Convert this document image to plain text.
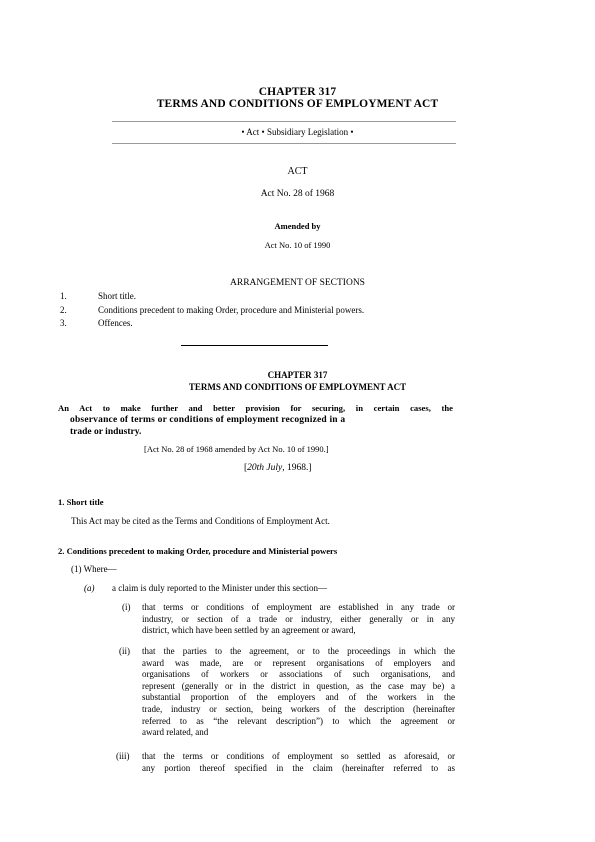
CHAPTER 317
TERMS AND CONDITIONS OF EMPLOYMENT ACT
• Act • Subsidiary Legislation •
ACT
Act No. 28 of 1968
Amended by
Act No. 10 of 1990
ARRANGEMENT OF SECTIONS
1.	Short title.
2.	Conditions precedent to making Order, procedure and Ministerial powers.
3.	Offences.
CHAPTER 317
TERMS AND CONDITIONS OF EMPLOYMENT ACT
An Act to make further and better provision for securing, in certain cases, the
observance of terms or conditions of employment recognized in a
trade or industry.
[Act No. 28 of 1968 amended by Act No. 10 of 1990.]
[20th July, 1968.]
1. Short title
This Act may be cited as the Terms and Conditions of Employment Act.
2. Conditions precedent to making Order, procedure and Ministerial powers
(1) Where—
(a) a claim is duly reported to the Minister under this section—
(i) that terms or conditions of employment are established in any trade or
industry, or section of a trade or industry, either generally or in any
district, which have been settled by an agreement or award,
(ii) that the parties to the agreement, or to the proceedings in which the
award was made, are or represent organisations of employers and
organisations of workers or associations of such organisations, and
represent (generally or in the district in question, as the case may be) a
substantial proportion of the employers and of the workers in the
trade, industry or section, being workers of the description (hereinafter
referred to as “the relevant description”) to which the agreement or
award related, and
(iii) that the terms or conditions of employment so settled as aforesaid, or
any portion thereof specified in the claim (hereinafter referred to as
